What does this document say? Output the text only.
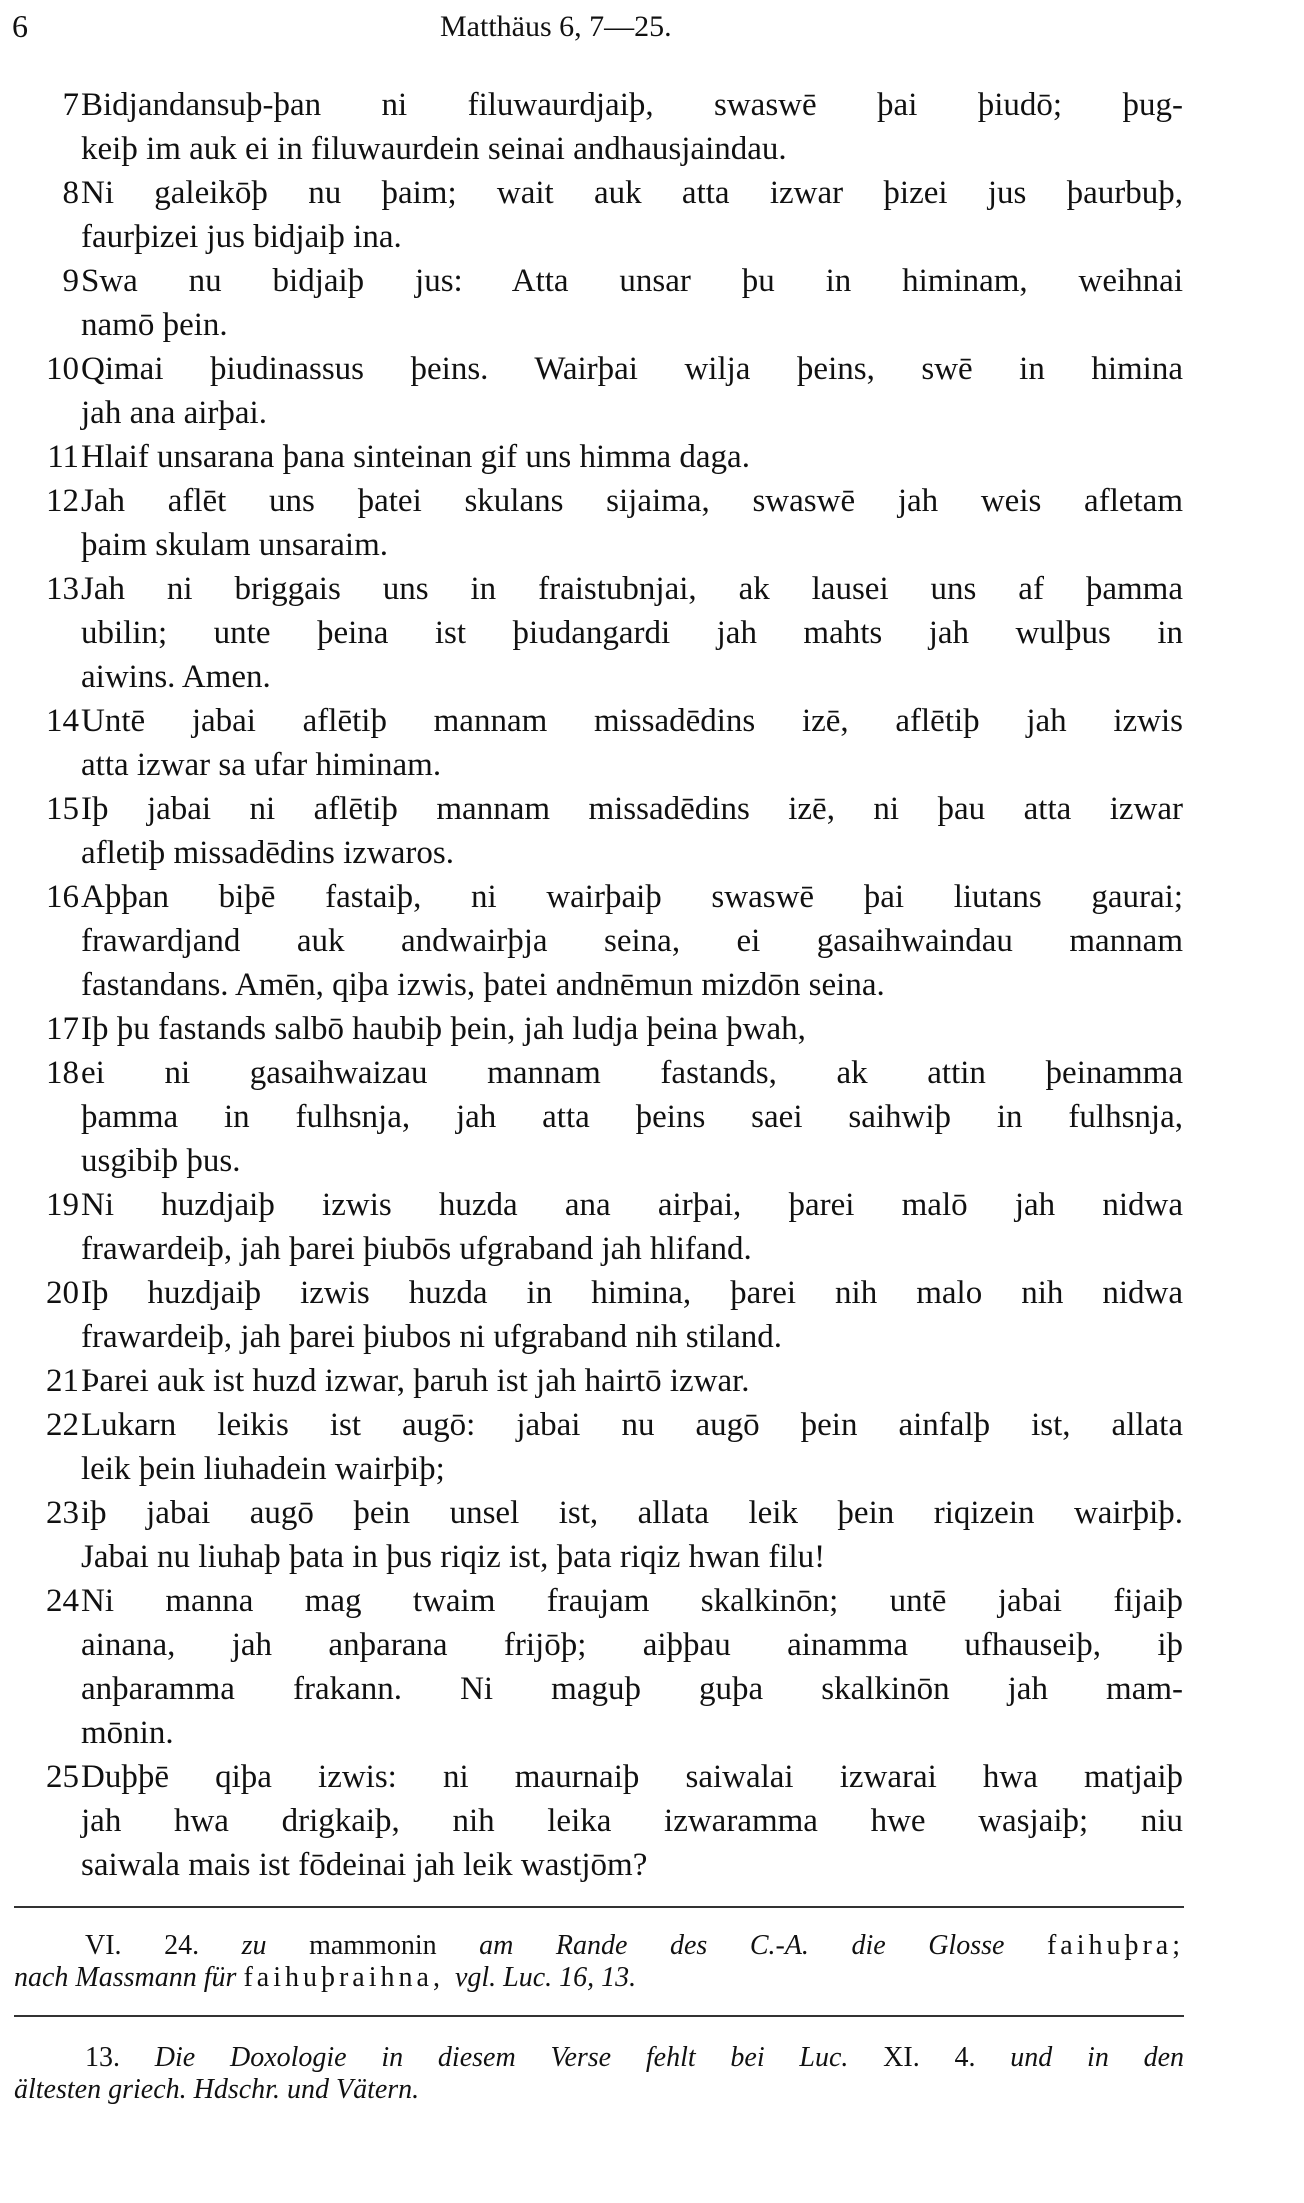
6	Matthäus 6, 7—25.
7 Bidjandansuþ-þan ni filuwaurdjaiþ, swaswē þai þiudō; þug-
keiþ im auk ei in filuwaurdein seinai andhausjaindau.
8 Ni galeikōþ nu þaim; wait auk atta izwar þizei jus þaurbuþ,
faurþizei jus bidjaiþ ina.
9 Swa nu bidjaiþ jus: Atta unsar þu in himinam, weihnai
namō þein.
10 Qimai þiudinassus þeins. Wairþai wilja þeins, swē in himina
jah ana airþai.
11 Hlaif unsarana þana sinteinan gif uns himma daga.
12 Jah aflēt uns þatei skulans sijaima, swaswē jah weis afletam
þaim skulam unsaraim.
13 Jah ni briggais uns in fraistubnjai, ak lausei uns af þamma
ubilin; unte þeina ist þiudangardi jah mahts jah wulþus in
aiwins. Amen.
14 Untē jabai aflētiþ mannam missadēdins izē, aflētiþ jah izwis
atta izwar sa ufar himinam.
15 Iþ jabai ni aflētiþ mannam missadēdins izē, ni þau atta izwar
afletiþ missadēdins izwaros.
16 Aþþan biþē fastaiþ, ni wairþaiþ swaswē þai liutans gaurai;
frawardjand auk andwairþja seina, ei gasaihwaindau mannam
fastandans. Amēn, qiþa izwis, þatei andnēmun mizdōn seina.
17 Iþ þu fastands salbō haubiþ þein, jah ludja þeina þwah,
18 ei ni gasaihwaizau mannam fastands, ak attin þeinamma
þamma in fulhsnja, jah atta þeins saei saihwiþ in fulhsnja,
usgibiþ þus.
19 Ni huzdjaiþ izwis huzda ana airþai, þarei malō jah nidwa
frawardeiþ, jah þarei þiubōs ufgraband jah hlifand.
20 Iþ huzdjaiþ izwis huzda in himina, þarei nih malo nih nidwa
frawardeiþ, jah þarei þiubos ni ufgraband nih stiland.
21 Þarei auk ist huzd izwar, þaruh ist jah hairtō izwar.
22 Lukarn leikis ist augō: jabai nu augō þein ainfalþ ist, allata
leik þein liuhadein wairþiþ;
23 iþ jabai augō þein unsel ist, allata leik þein riqizein wairþiþ.
Jabai nu liuhaþ þata in þus riqiz ist, þata riqiz hwan filu!
24 Ni manna mag twaim fraujam skalkinōn; untē jabai fijaiþ
ainana, jah anþarana frijōþ; aiþþau ainamma ufhauseiþ, iþ
anþaramma frakann. Ni maguþ guþa skalkinōn jah mam-
mōnin.
25 Duþþē qiþa izwis: ni maurnaiþ saiwalai izwarai hwa matjaiþ
jah hwa drigkaiþ, nih leika izwaramma hwe wasjaiþ; niu
saiwala mais ist fōdeinai jah leik wastjōm?
VI. 24. zu mammonin am Rande des C.-A. die Glosse faihuþra;
nach Massmann für faihuþraihna, vgl. Luc. 16, 13.
13. Die Doxologie in diesem Verse fehlt bei Luc. XI. 4. und in den
ältesten griech. Hdschr. und Vätern.
